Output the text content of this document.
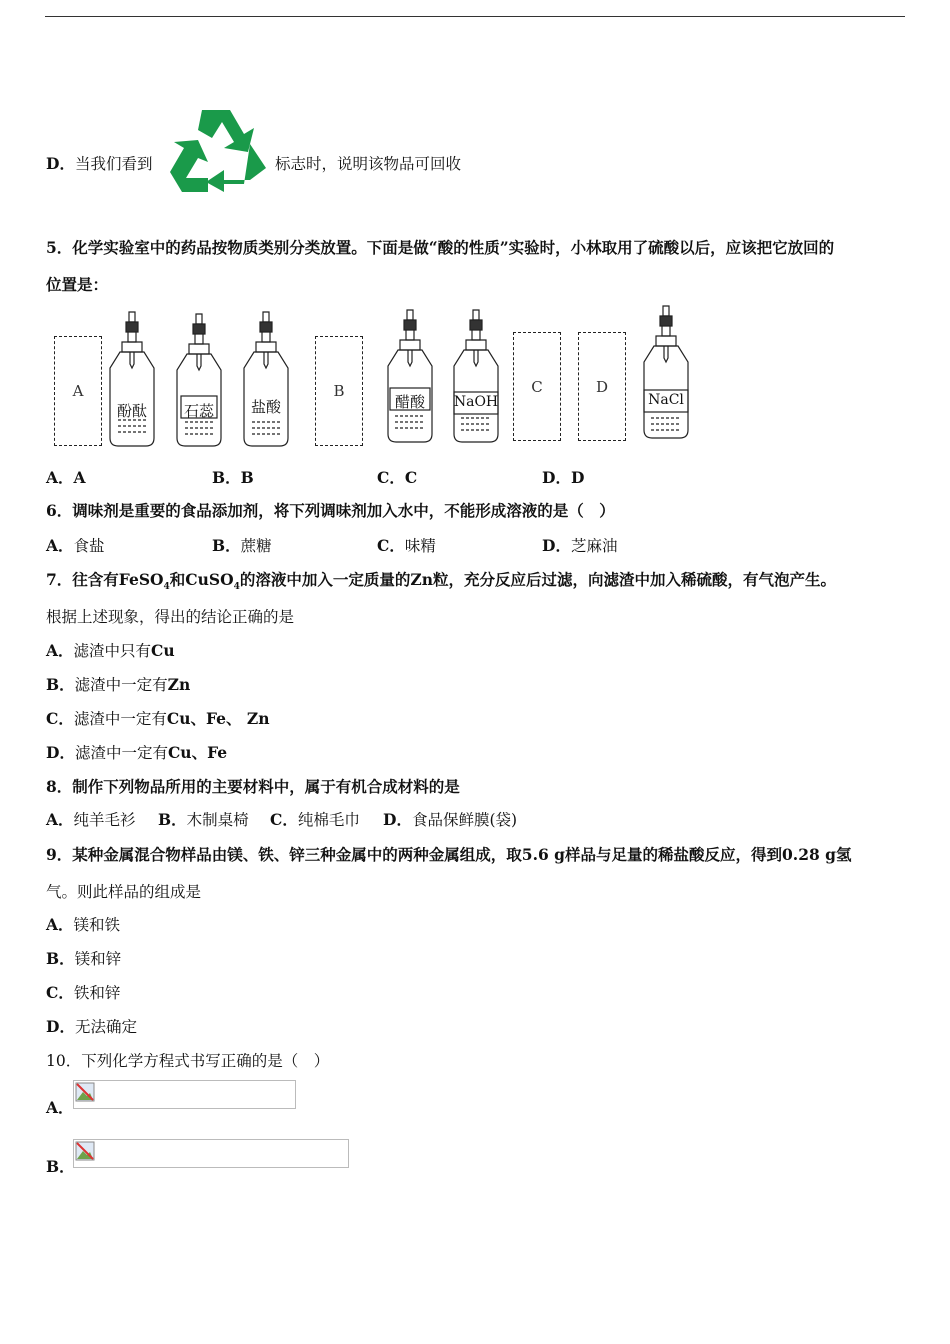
D．当我们看到	标志时，说明该物品可回收
5．化学实验室中的药品按物质类别分类放置。下面是做“酸的性质”实验时，小林取用了硫酸以后，应该把它放回的
位置是：
A
酚酞	石蕊	盐酸
B
醋酸	NaOH
C	D
NaCl
A．A	B．B	C．C	D．D
6．调味剂是重要的食品添加剂，将下列调味剂加入水中，不能形成溶液的是（　）
A．食盐	B．蔗糖	C．味精	D．芝麻油
7．往含有FeSO$_4$和CuSO$_4$的溶液中加入一定质量的Zn粒，充分反应后过滤，向滤渣中加入稀硫酸，有气泡产生。
根据上述现象，得出的结论正确的是
A．滤渣中只有Cu
B．滤渣中一定有Zn
C．滤渣中一定有Cu、Fe、 Zn
D．滤渣中一定有Cu、Fe
8．制作下列物品所用的主要材料中，属于有机合成材料的是
A．纯羊毛衫 B．木制桌椅 C．纯棉毛巾 D．食品保鲜膜(袋)
9．某种金属混合物样品由镁、铁、锌三种金属中的两种金属组成，取5.6 g样品与足量的稀盐酸反应，得到0.28 g氢
气。则此样品的组成是
A．镁和铁
B．镁和锌
C．铁和锌
D．无法确定
10．下列化学方程式书写正确的是（　）
A．
B．
